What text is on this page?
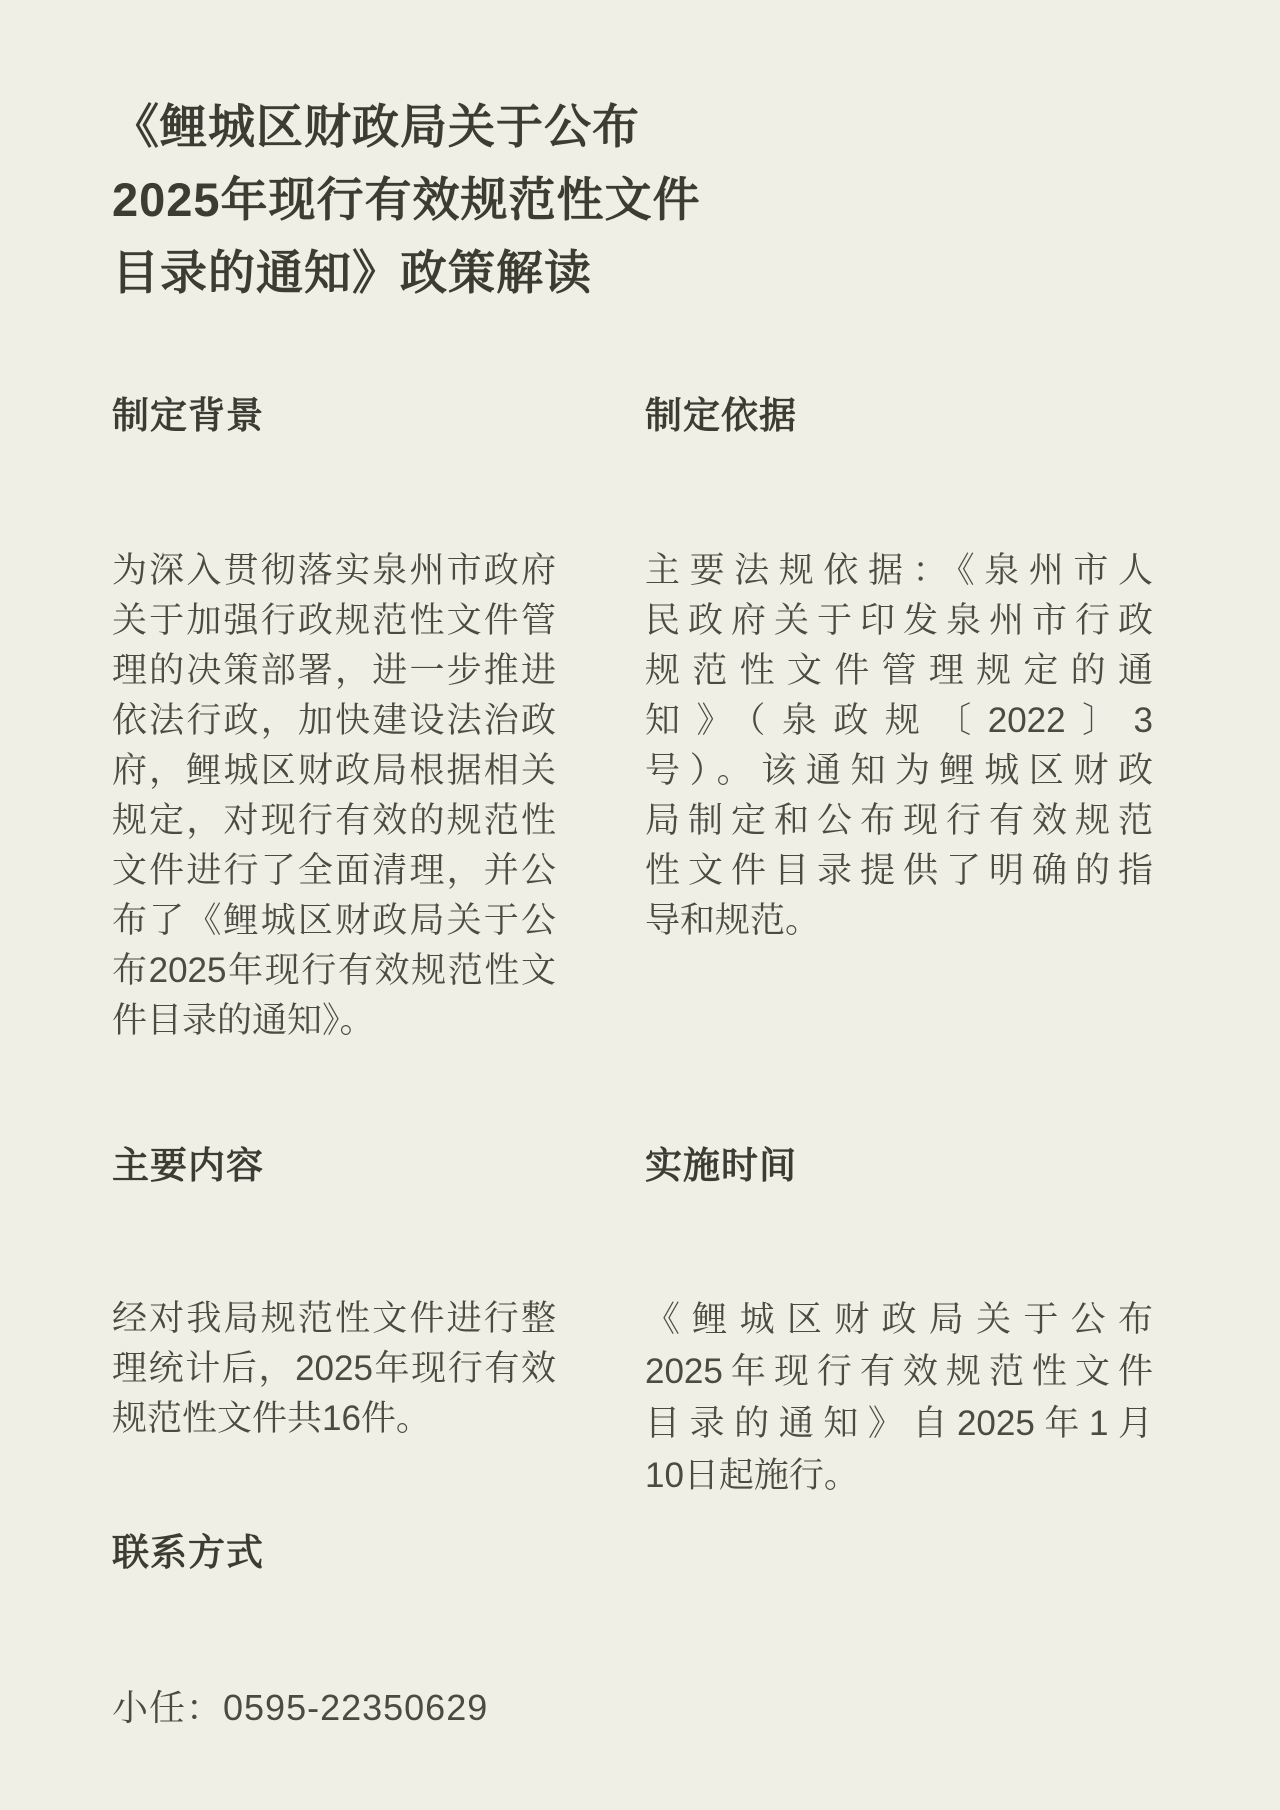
《鲤城区财政局关于公布
2025年现行有效规范性文件
目录的通知》政策解读
制定背景	制定依据
为深入贯彻落实泉州市政府
关于加强行政规范性文件管
理的决策部署，进一步推进
依法行政，加快建设法治政
府，鲤城区财政局根据相关
规定，对现行有效的规范性
文件进行了全面清理，并公
布了《鲤城区财政局关于公
布2025年现行有效规范性文
件目录的通知》。
主要法规依据：《泉州市人
民政府关于印发泉州市行政
规范性文件管理规定的通
知》（泉政规〔2022〕3
号）。该通知为鲤城区财政
局制定和公布现行有效规范
性文件目录提供了明确的指
导和规范。
主要内容	实施时间
经对我局规范性文件进行整
理统计后，2025年现行有效
规范性文件共16件。
《鲤城区财政局关于公布
2025年现行有效规范性文件
目录的通知》自2025年1月
10日起施行。
联系方式
小任：0595-22350629
